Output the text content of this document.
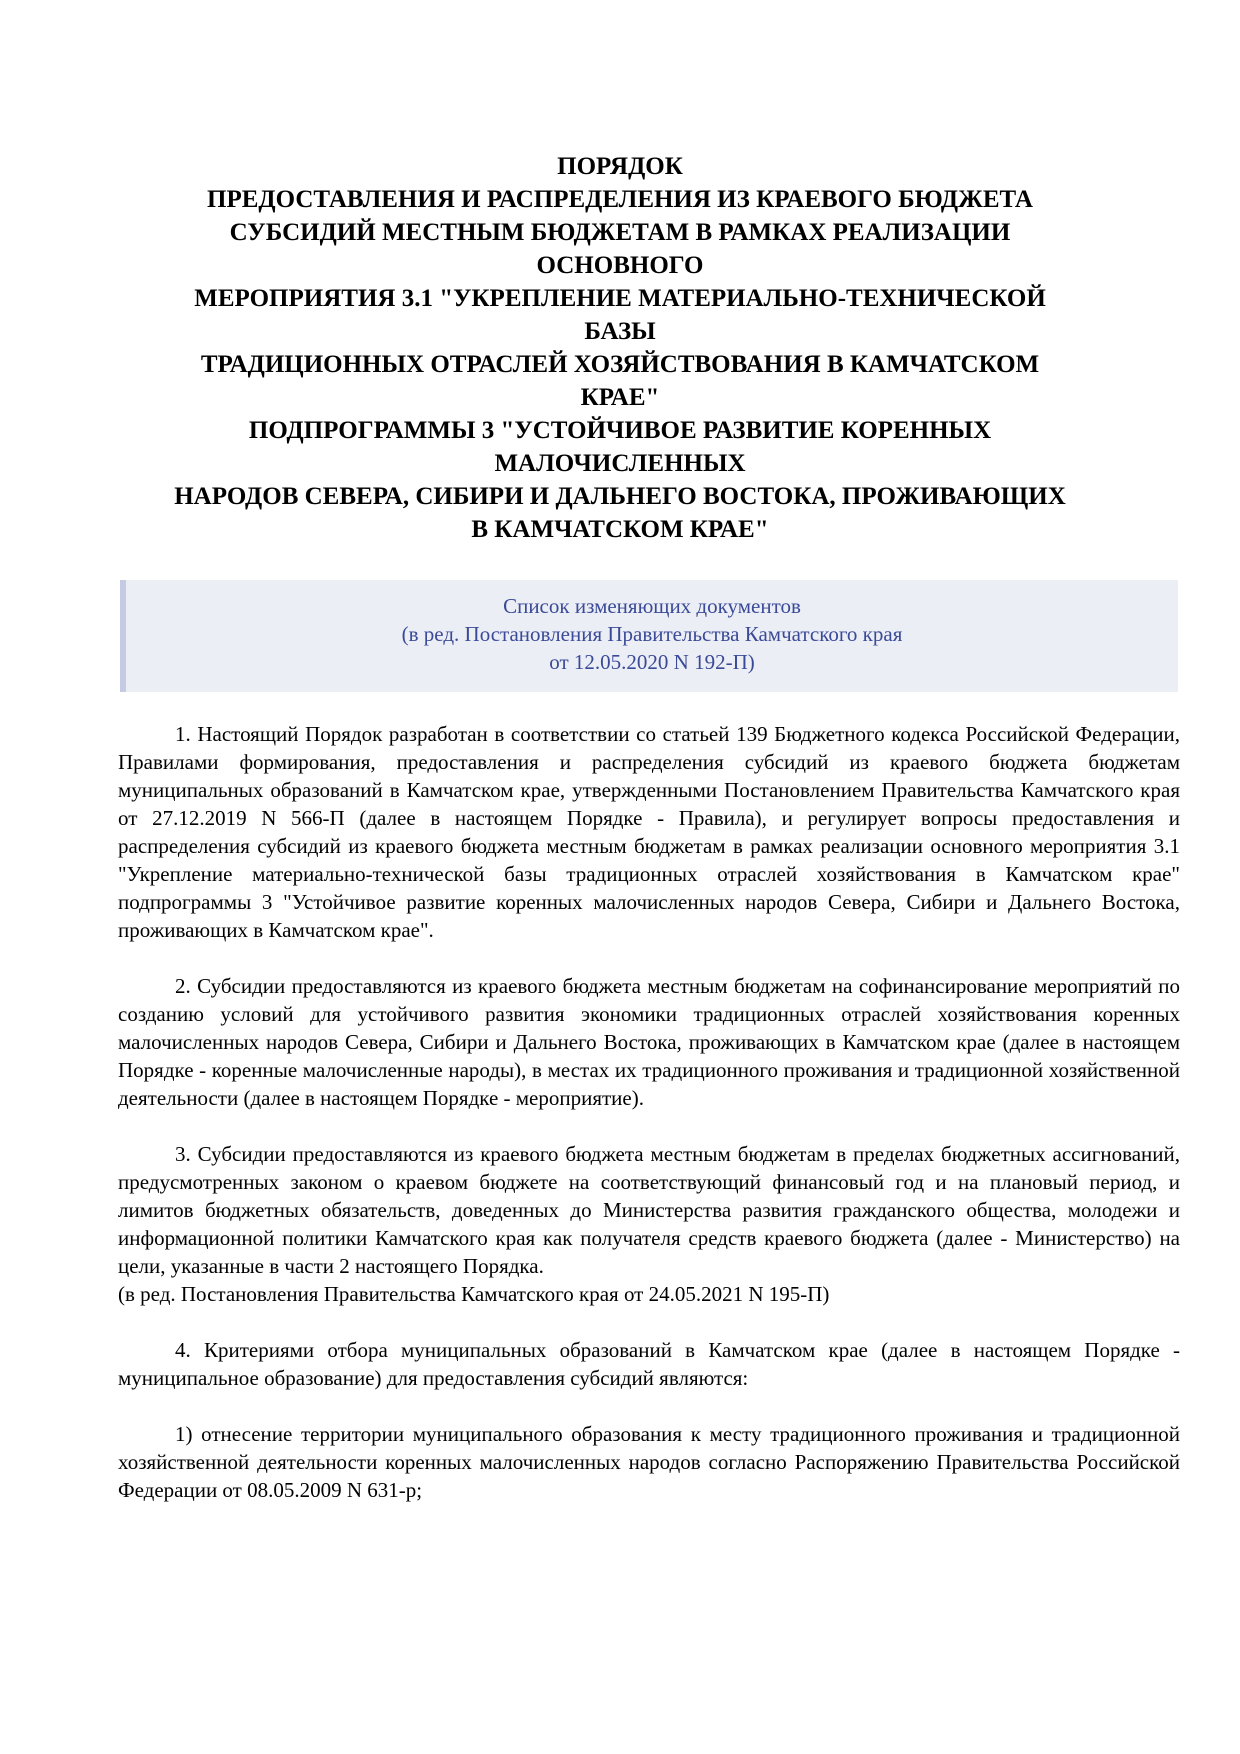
ПОРЯДОК
ПРЕДОСТАВЛЕНИЯ И РАСПРЕДЕЛЕНИЯ ИЗ КРАЕВОГО БЮДЖЕТА
СУБСИДИЙ МЕСТНЫМ БЮДЖЕТАМ В РАМКАХ РЕАЛИЗАЦИИ
ОСНОВНОГО
МЕРОПРИЯТИЯ 3.1 "УКРЕПЛЕНИЕ МАТЕРИАЛЬНО-ТЕХНИЧЕСКОЙ
БАЗЫ
ТРАДИЦИОННЫХ ОТРАСЛЕЙ ХОЗЯЙСТВОВАНИЯ В КАМЧАТСКОМ
КРАЕ"
ПОДПРОГРАММЫ 3 "УСТОЙЧИВОЕ РАЗВИТИЕ КОРЕННЫХ
МАЛОЧИСЛЕННЫХ
НАРОДОВ СЕВЕРА, СИБИРИ И ДАЛЬНЕГО ВОСТОКА, ПРОЖИВАЮЩИХ
В КАМЧАТСКОМ КРАЕ"
Список изменяющих документов
(в ред. Постановления Правительства Камчатского края
от 12.05.2020 N 192-П)

1. Настоящий Порядок разработан в соответствии со статьей 139 Бюджетного кодекса Российской Федерации, Правилами формирования, предоставления и распределения субсидий из краевого бюджета бюджетам муниципальных образований в Камчатском крае, утвержденными Постановлением Правительства Камчатского края от 27.12.2019 N 566-П (далее в настоящем Порядке - Правила), и регулирует вопросы предоставления и распределения субсидий из краевого бюджета местным бюджетам в рамках реализации основного мероприятия 3.1 "Укрепление материально-технической базы традиционных отраслей хозяйствования в Камчатском крае" подпрограммы 3 "Устойчивое развитие коренных малочисленных народов Севера, Сибири и Дальнего Востока, проживающих в Камчатском крае".

2. Субсидии предоставляются из краевого бюджета местным бюджетам на софинансирование мероприятий по созданию условий для устойчивого развития экономики традиционных отраслей хозяйствования коренных малочисленных народов Севера, Сибири и Дальнего Востока, проживающих в Камчатском крае (далее в настоящем Порядке - коренные малочисленные народы), в местах их традиционного проживания и традиционной хозяйственной деятельности (далее в настоящем Порядке - мероприятие).

3. Субсидии предоставляются из краевого бюджета местным бюджетам в пределах бюджетных ассигнований, предусмотренных законом о краевом бюджете на соответствующий финансовый год и на плановый период, и лимитов бюджетных обязательств, доведенных до Министерства развития гражданского общества, молодежи и информационной политики Камчатского края как получателя средств краевого бюджета (далее - Министерство) на цели, указанные в части 2 настоящего Порядка.

(в ред. Постановления Правительства Камчатского края от 24.05.2021 N 195-П)

4. Критериями отбора муниципальных образований в Камчатском крае (далее в настоящем Порядке - муниципальное образование) для предоставления субсидий являются:

1) отнесение территории муниципального образования к месту традиционного проживания и традиционной хозяйственной деятельности коренных малочисленных народов согласно Распоряжению Правительства Российской Федерации от 08.05.2009 N 631-р;
